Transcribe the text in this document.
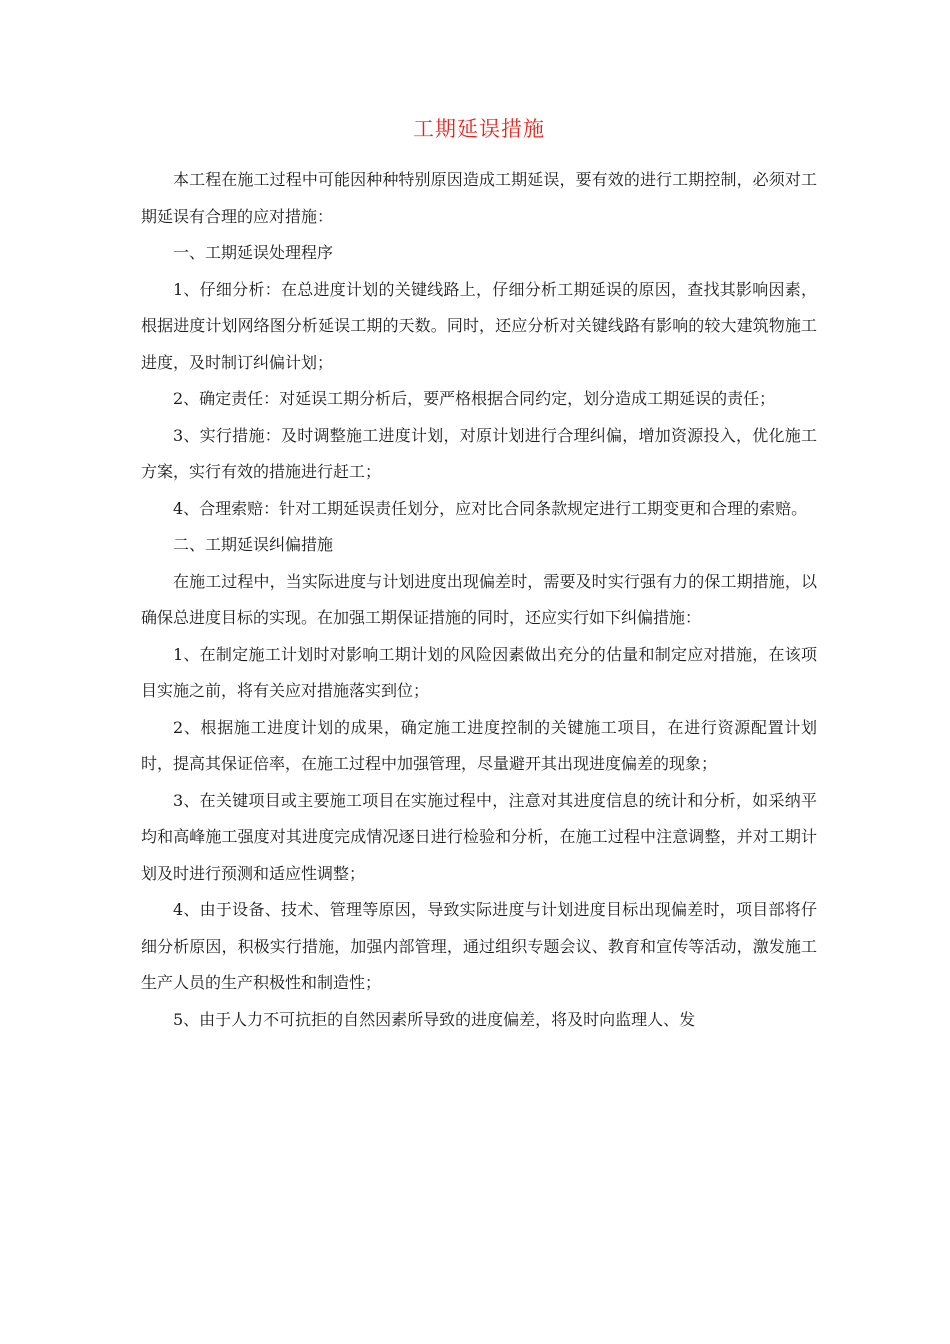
工期延误措施

本工程在施工过程中可能因种种特别原因造成工期延误，要有效的进行工期控制，必须对工期延误有合理的应对措施：

一、工期延误处理程序

1、仔细分析：在总进度计划的关键线路上，仔细分析工期延误的原因，查找其影响因素，根据进度计划网络图分析延误工期的天数。同时，还应分析对关键线路有影响的较大建筑物施工进度，及时制订纠偏计划；

2、确定责任：对延误工期分析后，要严格根据合同约定，划分造成工期延误的责任；

3、实行措施：及时调整施工进度计划，对原计划进行合理纠偏，增加资源投入，优化施工方案，实行有效的措施进行赶工；

4、合理索赔：针对工期延误责任划分，应对比合同条款规定进行工期变更和合理的索赔。

二、工期延误纠偏措施

在施工过程中，当实际进度与计划进度出现偏差时，需要及时实行强有力的保工期措施，以确保总进度目标的实现。在加强工期保证措施的同时，还应实行如下纠偏措施：

1、在制定施工计划时对影响工期计划的风险因素做出充分的估量和制定应对措施，在该项目实施之前，将有关应对措施落实到位；

2、根据施工进度计划的成果，确定施工进度控制的关键施工项目，在进行资源配置计划时，提高其保证倍率，在施工过程中加强管理，尽量避开其出现进度偏差的现象；

3、在关键项目或主要施工项目在实施过程中，注意对其进度信息的统计和分析，如采纳平均和高峰施工强度对其进度完成情况逐日进行检验和分析，在施工过程中注意调整，并对工期计划及时进行预测和适应性调整；

4、由于设备、技术、管理等原因，导致实际进度与计划进度目标出现偏差时，项目部将仔细分析原因，积极实行措施，加强内部管理，通过组织专题会议、教育和宣传等活动，激发施工生产人员的生产积极性和制造性；

5、由于人力不可抗拒的自然因素所导致的进度偏差，将及时向监理人、发
